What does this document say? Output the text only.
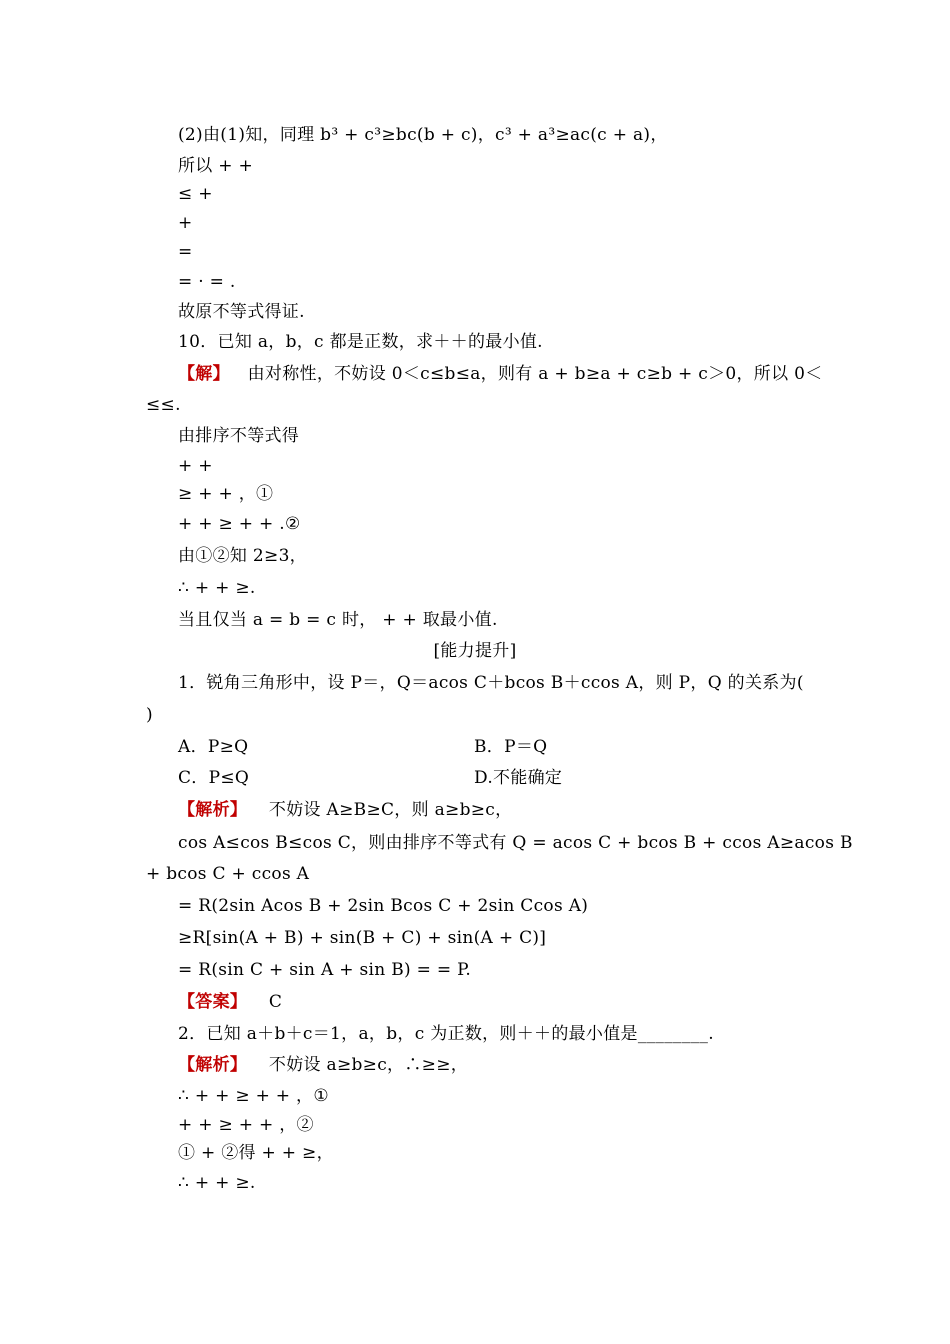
(2)由(1)知，同理 b³ + c³≥bc(b + c)，c³ + a³≥ac(c + a)，
所以 + +
≤ +
+
=
= · = .
故原不等式得证.
10．已知 a，b，c 都是正数，求＋＋的最小值.
【解】 由对称性，不妨设 0＜c≤b≤a，则有 a + b≥a + c≥b + c＞0，所以 0＜
≤≤.
由排序不等式得
+ +
≥ + + ，①
+ + ≥ + + .②
由①②知 2≥3，
∴ + + ≥.
当且仅当 a = b = c 时， + + 取最小值.
[能力提升]
1．锐角三角形中，设 P＝，Q＝acos C＋bcos B＋ccos A，则 P，Q 的关系为(
)
A．P≥Q	B．P＝Q
C．P≤Q	D.不能确定
【解析】 不妨设 A≥B≥C，则 a≥b≥c，
cos A≤cos B≤cos C，则由排序不等式有 Q = acos C + bcos B + ccos A≥acos B
+ bcos C + ccos A
= R(2sin Acos B + 2sin Bcos C + 2sin Ccos A)
≥R[sin(A + B) + sin(B + C) + sin(A + C)]
= R(sin C + sin A + sin B) = = P.
【答案】 C
2．已知 a＋b＋c＝1，a，b，c 为正数，则＋＋的最小值是________.
【解析】 不妨设 a≥b≥c，∴≥≥，
∴ + + ≥ + + ，①
+ + ≥ + + ，②
① + ②得 + + ≥，
∴ + + ≥.
